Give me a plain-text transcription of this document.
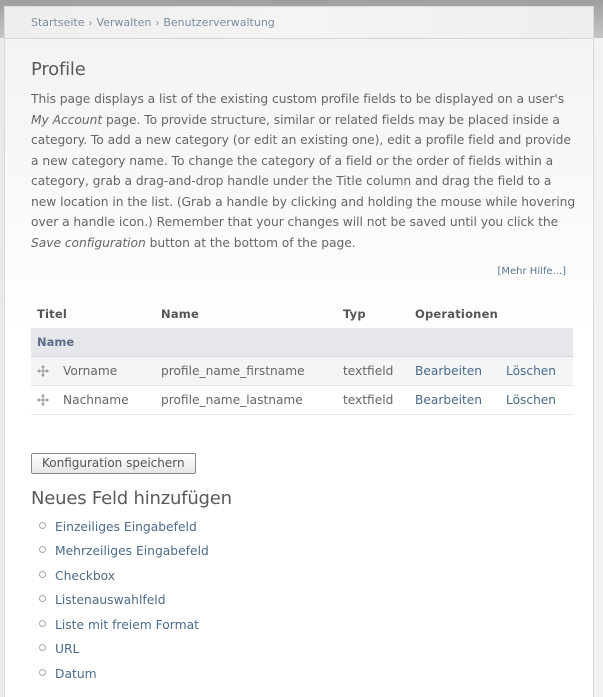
Startseite › Verwalten › Benutzerverwaltung
Profile

This page displays a list of the existing custom profile fields to be displayed on a user's My Account page. To provide structure, similar or related fields may be placed inside a category. To add a new category (or edit an existing one), edit a profile field and provide a new category name. To change the category of a field or the order of fields within a category, grab a drag-and-drop handle under the Title column and drag the field to a new location in the list. (Grab a handle by clicking and holding the mouse while hovering over a handle icon.) Remember that your changes will not be saved until you click the Save configuration button at the bottom of the page.

[Mehr Hilfe...]
Titel	Name	Typ	Operationen	
Name				
Vorname	profile_name_firstname	textfield	Bearbeiten	Löschen
Nachname	profile_name_lastname	textfield	Bearbeiten	Löschen
Konfiguration speichern
Neues Feld hinzufügen
Einzeiliges Eingabefeld
Mehrzeiliges Eingabefeld
Checkbox
Listenauswahlfeld
Liste mit freiem Format
URL
Datum
